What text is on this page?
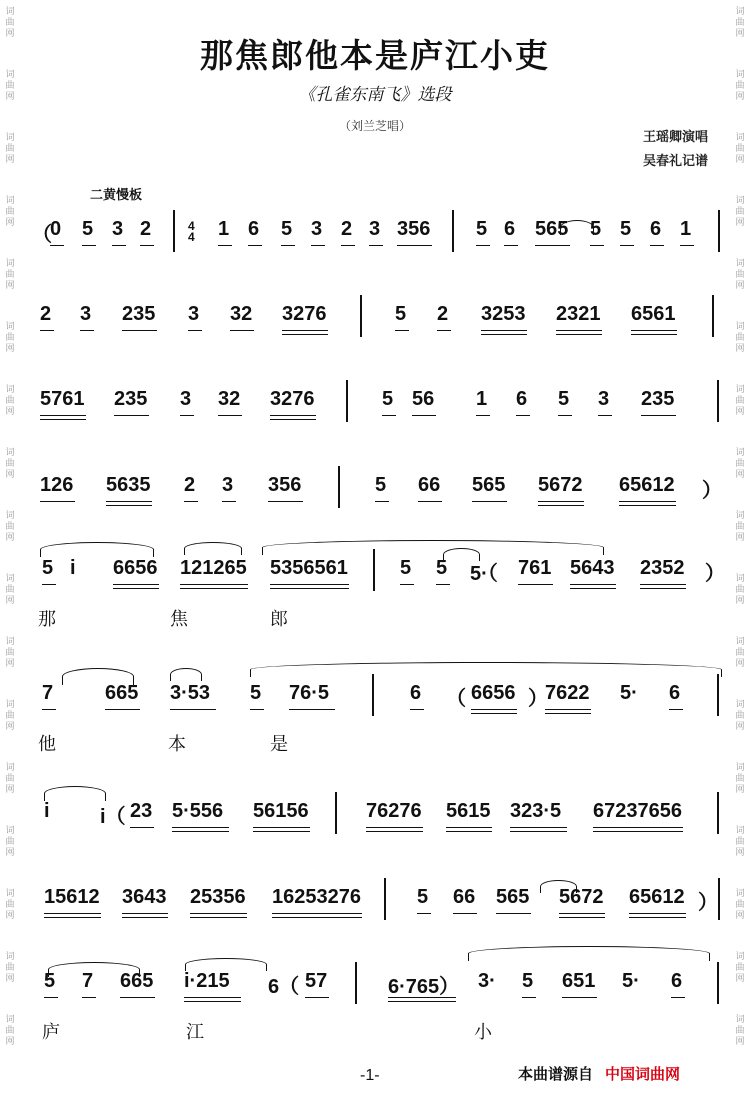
词
曲
网
词
曲
网
词
曲
网
词
曲
网
词
曲
网
词
曲
网
词
曲
网
词
曲
网
词
曲
网
词
曲
网
词
曲
网
词
曲
网
词
曲
网
词
曲
网
词
曲
网
词
曲
网
词
曲
网
词
曲
网
词
曲
网
词
曲
网
词
曲
网
词
曲
网
词
曲
网
词
曲
网
词
曲
网
词
曲
网
词
曲
网
词
曲
网
词
曲
网
词
曲
网
词
曲
网
词
曲
网
词
曲
网
词
曲
网
那焦郎他本是庐江小吏
《孔雀东南飞》选段
（刘兰芝唱）
王瑶卿演唱
吴春礼记谱
二黄慢板
（
0 5 3 2	4
4 1 6 5 3 2 3 356 5 6 565 5 5 6 1
2 3 235 3 32 3276	5 2 3253 2321 6561
5761 235 3 32 3276	5 56 1 6 5 3 235
126 5635 2 3 356	5 66 565 5672 65612 ）
5 i 6656 121265 5356561	5 5 5·（ 761 5643 2352 ）
那	焦	郎
7	665 3·53 5 76·5	6 （ 6656 ）
7622 5· 6
他	本	是
i	i（ 23 5·556 56156	76276 5615 323·5 67237656
15612 3643 25356 16253276	5 66 565 5672 65612 ）
5 7 665 i·215 6（ 57	6·765） 3· 5 651 5· 6
庐	江	小
-1-	本曲谱源自 中国词曲网
